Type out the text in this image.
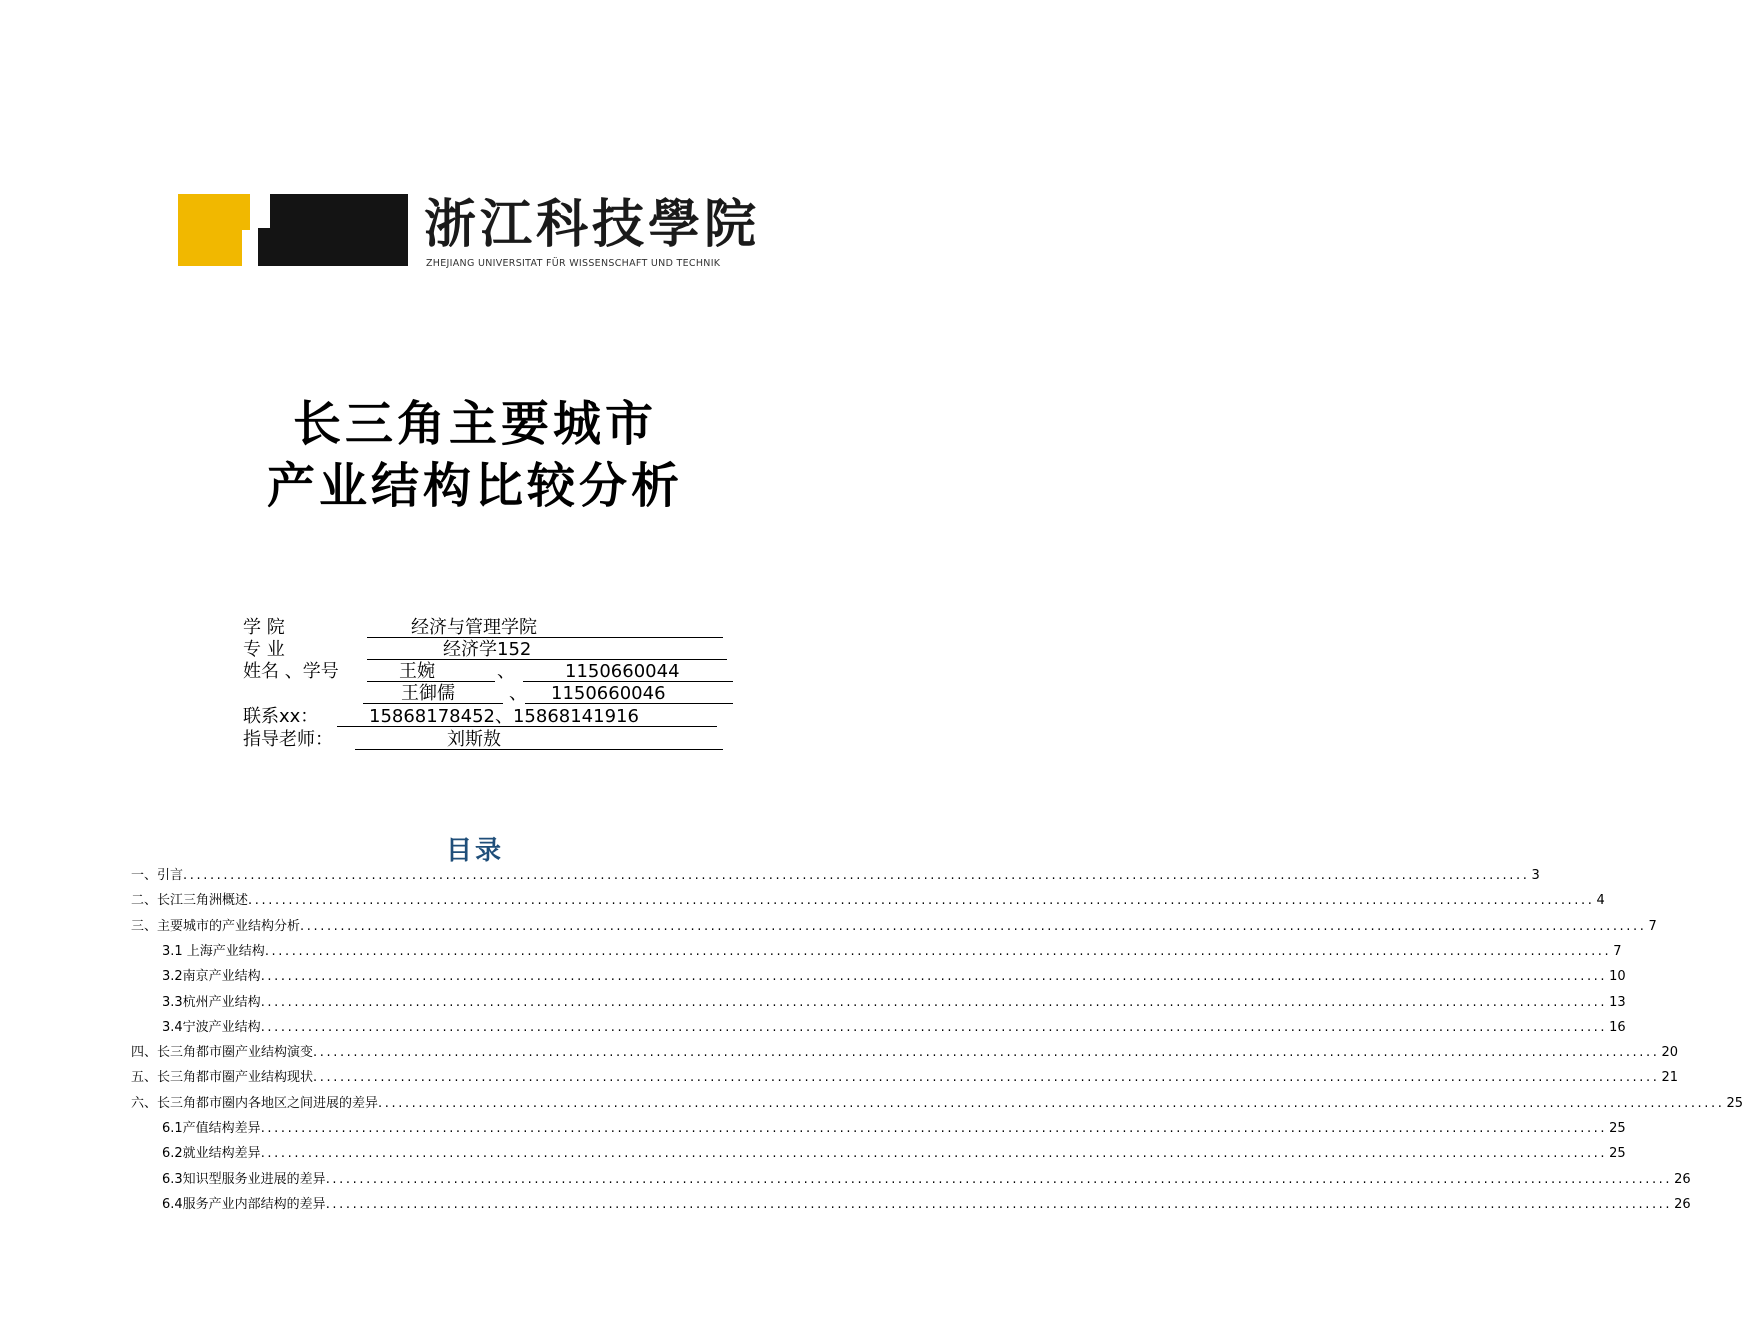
浙江科技學院
ZHEJIANG UNIVERSITAT FÜR WISSENSCHAFT UND TECHNIK
长三角主要城市
产业结构比较分析
学 院	经济与管理学院
专 业	经济学152
姓名 、学号	王婉	、	1150660044
王御儒	、 1150660046
联系xx：	15868178452、15868141916
指导老师：	刘斯敖
目录
一、引言 ........................................................................................................................................................................................................ 3
二、长江三角洲概述 ........................................................................................................................................................................................................ 4
三、主要城市的产业结构分析 ........................................................................................................................................................................................................ 7
3.1 上海产业结构 ........................................................................................................................................................................................................ 7
3.2南京产业结构 ........................................................................................................................................................................................................ 10
3.3杭州产业结构 ........................................................................................................................................................................................................ 13
3.4宁波产业结构 ........................................................................................................................................................................................................ 16
四、长三角都市圈产业结构演变 ........................................................................................................................................................................................................ 20
五、长三角都市圈产业结构现状 ........................................................................................................................................................................................................ 21
六、长三角都市圈内各地区之间进展的差异 ........................................................................................................................................................................................................ 25
6.1产值结构差异 ........................................................................................................................................................................................................ 25
6.2就业结构差异 ........................................................................................................................................................................................................ 25
6.3知识型服务业进展的差异 ........................................................................................................................................................................................................ 26
6.4服务产业内部结构的差异 ........................................................................................................................................................................................................ 26
